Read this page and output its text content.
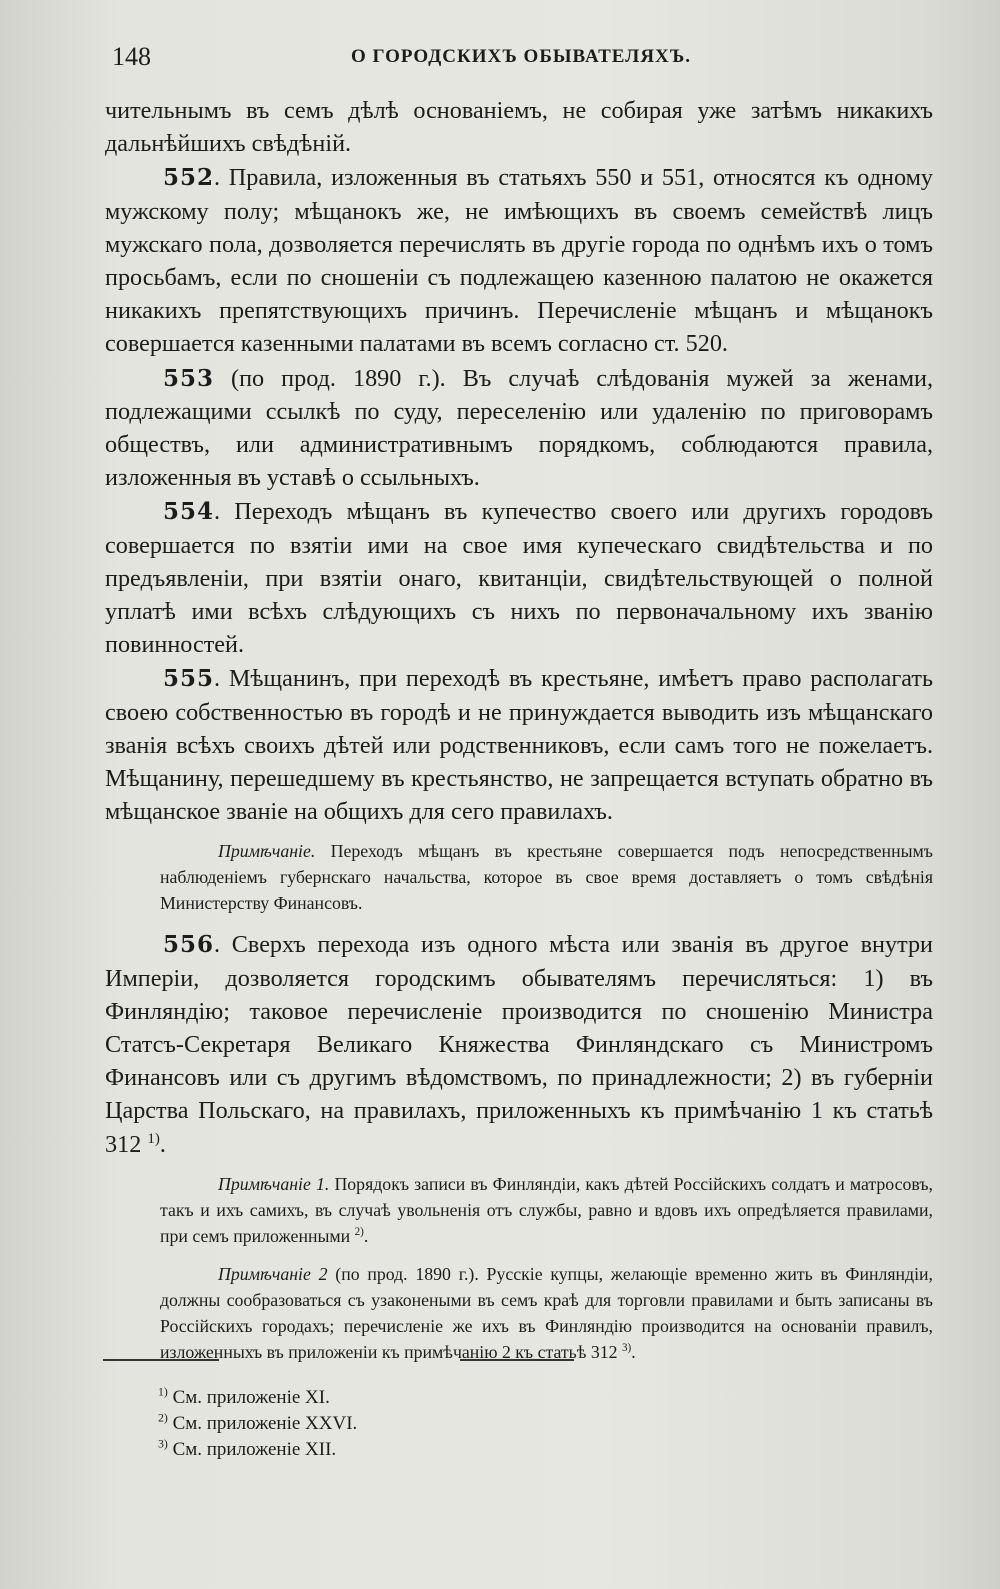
148	О ГОРОДСКИХЪ ОБЫВАТЕЛЯХЪ.

чительнымъ въ семъ дѣлѣ основаніемъ, не собирая уже затѣмъ никакихъ дальнѣйшихъ свѣдѣній.

552. Правила, изложенныя въ статьяхъ 550 и 551, относятся къ одному мужскому полу; мѣщанокъ же, не имѣющихъ въ своемъ семействѣ лицъ мужскаго пола, дозволяется перечислять въ другіе города по однѣмъ ихъ о томъ просьбамъ, если по сношеніи съ подлежащею казенною палатою не окажется никакихъ препятствующихъ причинъ. Перечисленіе мѣщанъ и мѣщанокъ совершается казенными палатами въ всемъ согласно ст. 520.

553 (по прод. 1890 г.). Въ случаѣ слѣдованія мужей за женами, подлежащими ссылкѣ по суду, переселенію или удаленію по приговорамъ обществъ, или административнымъ порядкомъ, соблюдаются правила, изложенныя въ уставѣ о ссыльныхъ.

554. Переходъ мѣщанъ въ купечество своего или другихъ городовъ совершается по взятіи ими на свое имя купеческаго свидѣтельства и по предъявленіи, при взятіи онаго, квитанціи, свидѣтельствующей о полной уплатѣ ими всѣхъ слѣдующихъ съ нихъ по первоначальному ихъ званію повинностей.

555. Мѣщанинъ, при переходѣ въ крестьяне, имѣетъ право располагать своею собственностью въ городѣ и не принуждается выводить изъ мѣщанскаго званія всѣхъ своихъ дѣтей или родственниковъ, если самъ того не пожелаетъ. Мѣщанину, перешедшему въ крестьянство, не запрещается вступать обратно въ мѣщанское званіе на общихъ для сего правилахъ.

Примѣчаніе. Переходъ мѣщанъ въ крестьяне совершается подъ непосредственнымъ наблюденіемъ губернскаго начальства, которое въ свое время доставляетъ о томъ свѣдѣнія Министерству Финансовъ.

556. Сверхъ перехода изъ одного мѣста или званія въ другое внутри Имперіи, дозволяется городскимъ обывателямъ перечисляться: 1) въ Финляндію; таковое перечисленіе производится по сношенію Министра Статсъ-Секретаря Великаго Княжества Финляндскаго съ Министромъ Финансовъ или съ другимъ вѣдомствомъ, по принадлежности; 2) въ губерніи Царства Польскаго, на правилахъ, приложенныхъ къ примѣчанію 1 къ статьѣ 312 $^{1)}$.

Примѣчаніе 1. Порядокъ записи въ Финляндіи, какъ дѣтей Россійскихъ солдатъ и матросовъ, такъ и ихъ самихъ, въ случаѣ увольненія отъ службы, равно и вдовъ ихъ опредѣляется правилами, при семъ приложенными $^{2)}$.

Примѣчаніе 2 (по прод. 1890 г.). Русскіе купцы, желающіе временно жить въ Финляндіи, должны сообразоваться съ узаконеными въ семъ краѣ для торговли правилами и быть записаны въ Россійскихъ городахъ; перечисленіе же ихъ въ Финляндію производится на основаніи правилъ, изложенныхъ въ приложеніи къ примѣчанію 2 къ статьѣ 312 $^{3)}$.

$^{1)}$ См. приложеніе XI.
$^{2)}$ См. приложеніе XXVI.
$^{3)}$ См. приложеніе XII.
